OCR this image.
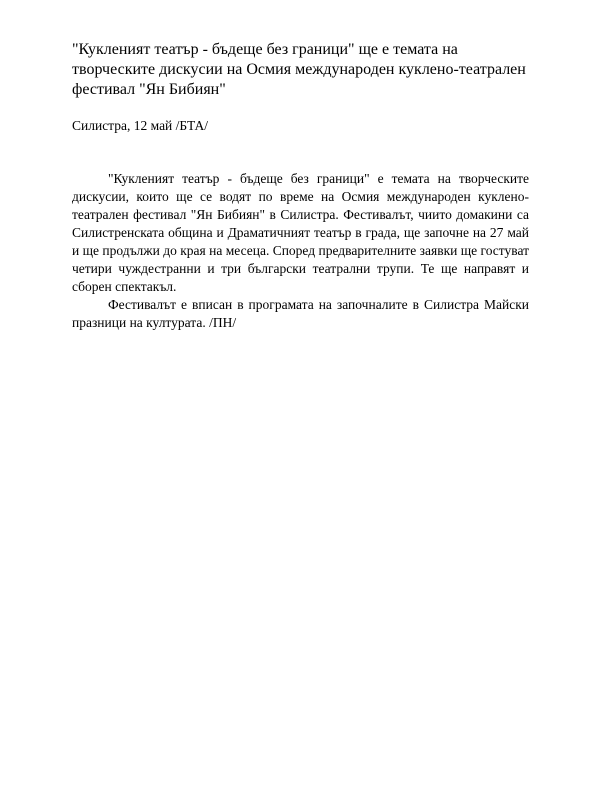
"Кукленият театър - бъдеще без граници" ще е темата на творческите дискусии на Осмия международен куклено-театрален фестивал "Ян Бибиян"

Силистра, 12 май /БТА/

"Кукленият театър - бъдеще без граници" е темата на творческите дискусии, които ще се водят по време на Осмия международен куклено-театрален фестивал "Ян Бибиян" в Силистра. Фестивалът, чиито домакини са Силистренската община и Драматичният театър в града, ще започне на 27 май и ще продължи до края на месеца. Според предварителните заявки ще гостуват четири чуждестранни и три български театрални трупи. Те ще направят и сборен спектакъл.

Фестивалът е вписан в програмата на започналите в Силистра Майски празници на културата. /ПН/
